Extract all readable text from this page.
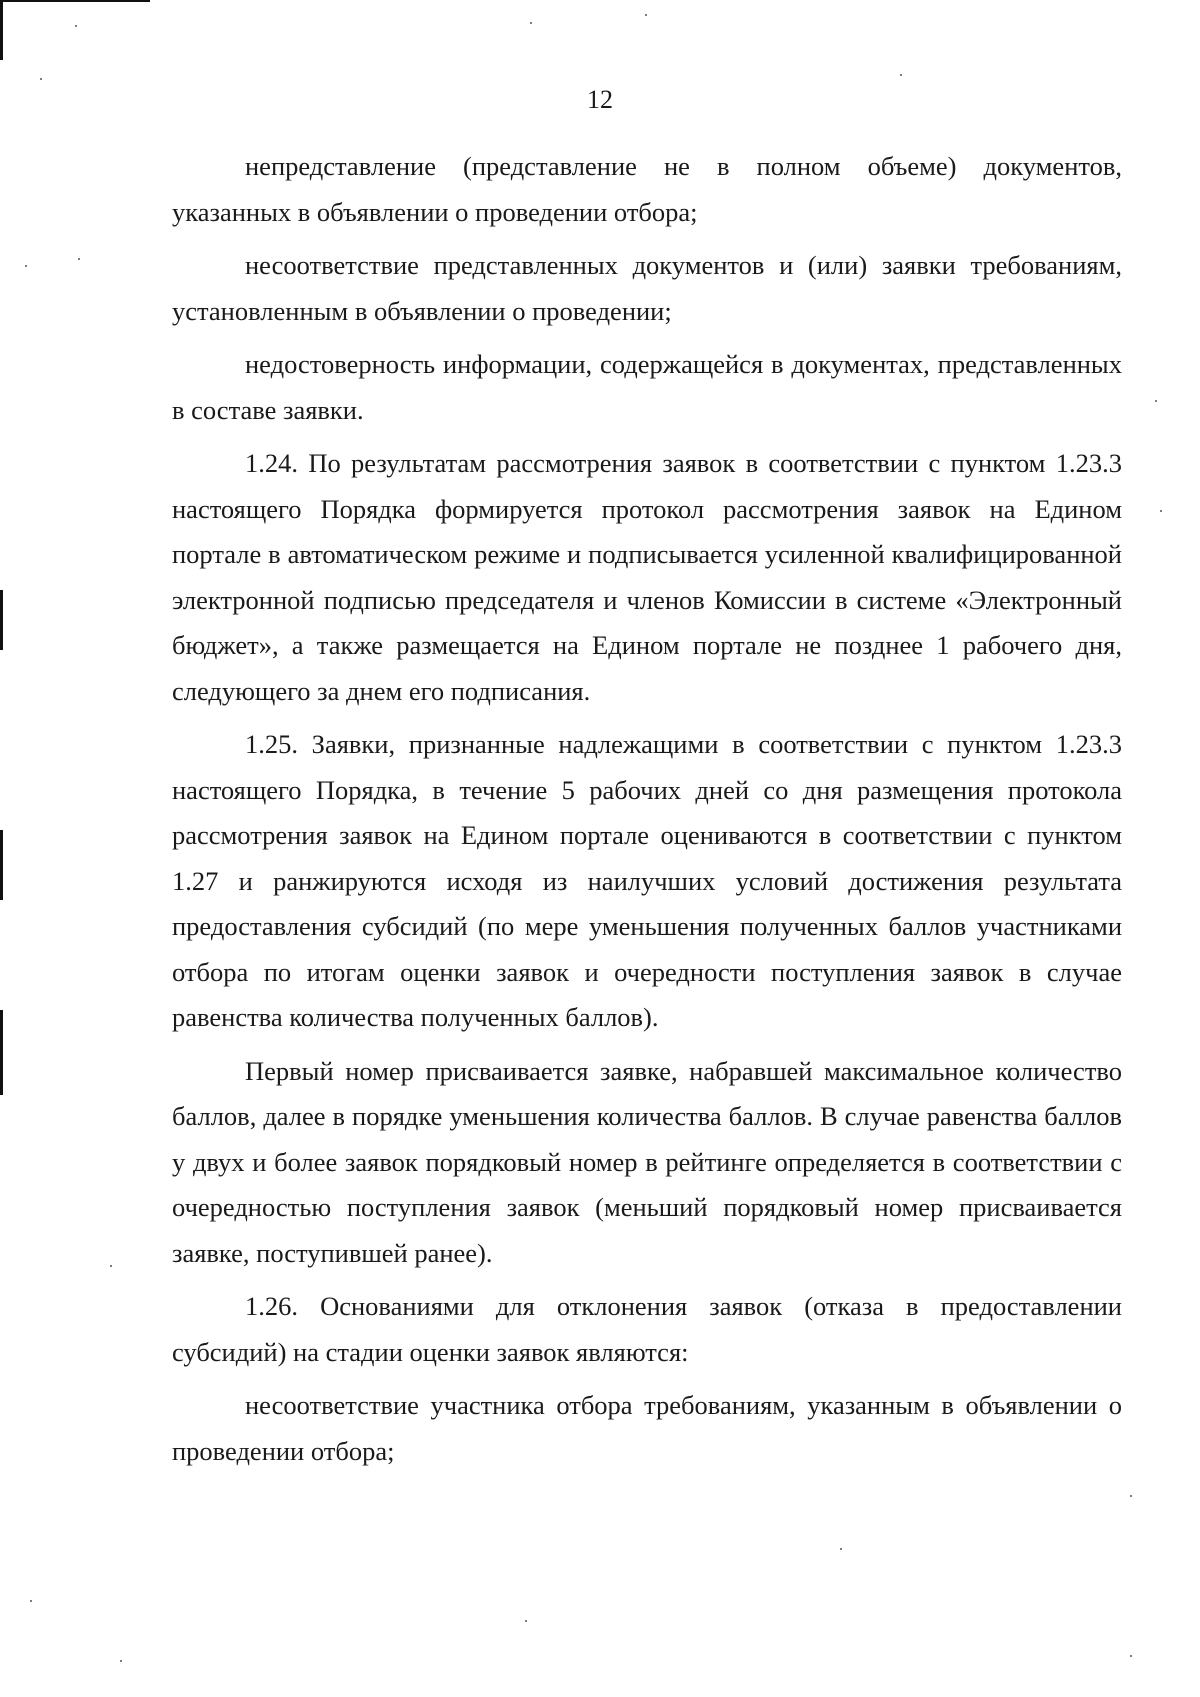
12

непредставление (представление не в полном объеме) документов, указанных в объявлении о проведении отбора;

несоответствие представленных документов и (или) заявки требованиям, установленным в объявлении о проведении;

недостоверность информации, содержащейся в документах, представленных в составе заявки.

1.24. По результатам рассмотрения заявок в соответствии с пунктом 1.23.3 настоящего Порядка формируется протокол рассмотрения заявок на Едином портале в автоматическом режиме и подписывается усиленной квалифицированной электронной подписью председателя и членов Комиссии в системе «Электронный бюджет», а также размещается на Едином портале не позднее 1 рабочего дня, следующего за днем его подписания.

1.25. Заявки, признанные надлежащими в соответствии с пунктом 1.23.3 настоящего Порядка, в течение 5 рабочих дней со дня размещения протокола рассмотрения заявок на Едином портале оцениваются в соответствии с пунктом 1.27 и ранжируются исходя из наилучших условий достижения результата предоставления субсидий (по мере уменьшения полученных баллов участниками отбора по итогам оценки заявок и очередности поступления заявок в случае равенства количества полученных баллов).

Первый номер присваивается заявке, набравшей максимальное количество баллов, далее в порядке уменьшения количества баллов. В случае равенства баллов у двух и более заявок порядковый номер в рейтинге определяется в соответствии с очередностью поступления заявок (меньший порядковый номер присваивается заявке, поступившей ранее).

1.26. Основаниями для отклонения заявок (отказа в предоставлении субсидий) на стадии оценки заявок являются:

несоответствие участника отбора требованиям, указанным в объявлении о проведении отбора;
